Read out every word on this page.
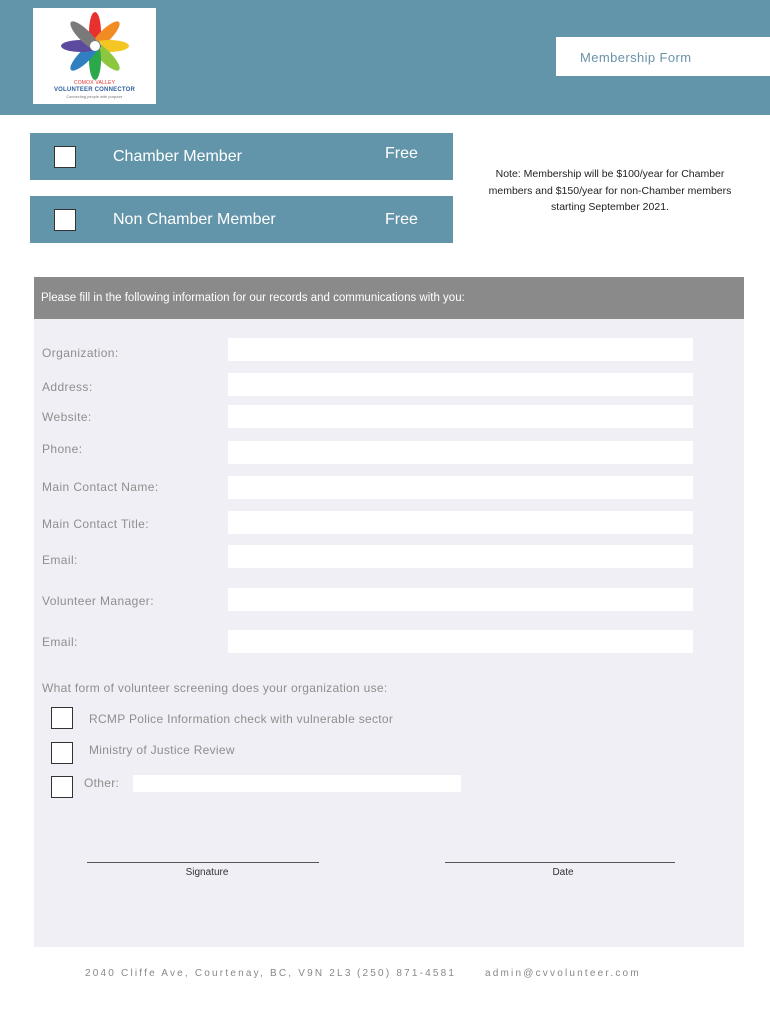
COMOX VALLEY
VOLUNTEER CONNECTOR
Connecting people with purpose
Membership Form
Chamber Member	Free
Non Chamber Member	Free
Note: Membership will be $100/year for Chamber members and $150/year for non-Chamber members starting September 2021.
Please fill in the following information for our records and communications with you:
Organization:
Address:
Website:
Phone:
Main Contact Name:
Main Contact Title:
Email:
Volunteer Manager:
Email:
What form of volunteer screening does your organization use:
RCMP Police Information check with vulnerable sector
Ministry of Justice Review
Other:
Signature	Date
2040 Cliffe Ave, Courtenay, BC, V9N 2L3 (250) 871-4581	admin@cvvolunteer.com
